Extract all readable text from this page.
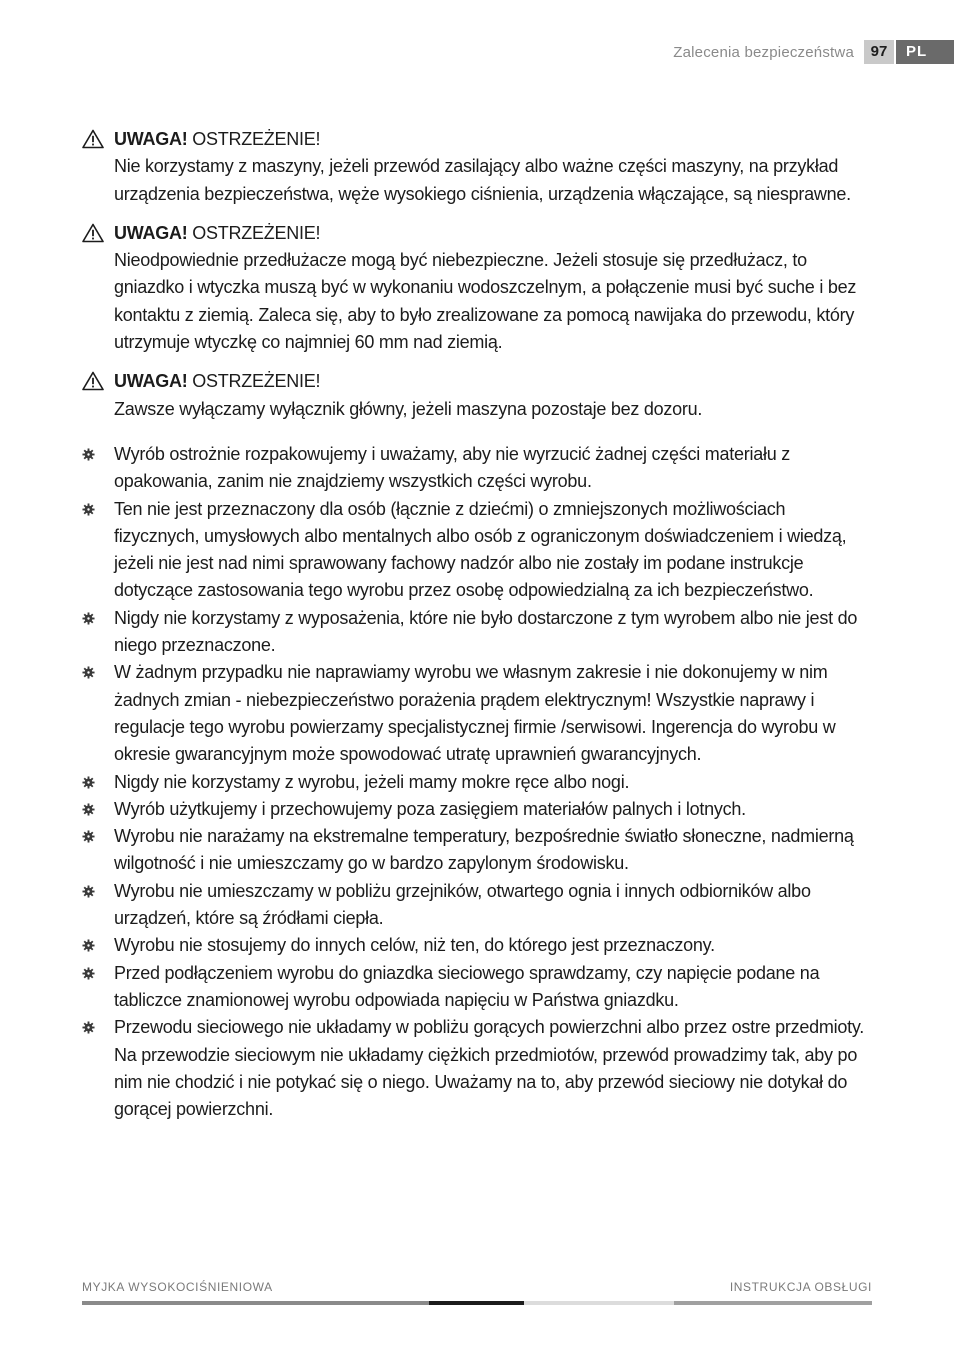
Zalecenia bezpieczeństwa	97	PL
UWAGA! OSTRZEŻENIE!
Nie korzystamy z maszyny, jeżeli przewód zasilający albo ważne części maszyny, na przykład urządzenia bezpieczeństwa, węże wysokiego ciśnienia, urządzenia włączające, są niesprawne.
UWAGA! OSTRZEŻENIE!
Nieodpowiednie przedłużacze mogą być niebezpieczne. Jeżeli stosuje się przedłużacz, to gniazdko i wtyczka muszą być w wykonaniu wodoszczelnym, a połączenie musi być suche i bez kontaktu z ziemią. Zaleca się, aby to było zrealizowane za pomocą nawijaka do przewodu, który utrzymuje wtyczkę co najmniej 60 mm nad ziemią.
UWAGA! OSTRZEŻENIE!
Zawsze wyłączamy wyłącznik główny, jeżeli maszyna pozostaje bez dozoru.
Wyrób ostrożnie rozpakowujemy i uważamy, aby nie wyrzucić żadnej części materiału z opakowania, zanim nie znajdziemy wszystkich części wyrobu.
Ten nie jest przeznaczony dla osób (łącznie z dziećmi) o zmniejszonych możliwościach fizycznych, umysłowych albo mentalnych albo osób z ograniczonym doświadczeniem i wiedzą, jeżeli nie jest nad nimi sprawowany fachowy nadzór albo nie zostały im podane instrukcje dotyczące zastosowania tego wyrobu przez osobę odpowiedzialną za ich bezpieczeństwo.
Nigdy nie korzystamy z wyposażenia, które nie było dostarczone z tym wyrobem albo nie jest do niego przeznaczone.
W żadnym przypadku nie naprawiamy wyrobu we własnym zakresie i nie dokonujemy w nim żadnych zmian - niebezpieczeństwo porażenia prądem elektrycznym! Wszystkie naprawy i regulacje tego wyrobu powierzamy specjalistycznej firmie /serwisowi. Ingerencja do wyrobu w okresie gwarancyjnym może spowodować utratę uprawnień gwarancyjnych.
Nigdy nie korzystamy z wyrobu, jeżeli mamy mokre ręce albo nogi.
Wyrób użytkujemy i przechowujemy poza zasięgiem materiałów palnych i lotnych.
Wyrobu nie narażamy na ekstremalne temperatury, bezpośrednie światło słoneczne, nadmierną wilgotność i nie umieszczamy go w bardzo zapylonym środowisku.
Wyrobu nie umieszczamy w pobliżu grzejników, otwartego ognia i innych odbiorników albo urządzeń, które są źródłami ciepła.
Wyrobu nie stosujemy do innych celów, niż ten, do którego jest przeznaczony.
Przed podłączeniem wyrobu do gniazdka sieciowego sprawdzamy, czy napięcie podane na tabliczce znamionowej wyrobu odpowiada napięciu w Państwa gniazdku.
Przewodu sieciowego nie układamy w pobliżu gorących powierzchni albo przez ostre przedmioty. Na przewodzie sieciowym nie układamy ciężkich przedmiotów, przewód prowadzimy tak, aby po nim nie chodzić i nie potykać się o niego. Uważamy na to, aby przewód sieciowy nie dotykał do gorącej powierzchni.
MYJKA WYSOKOCIŚNIENIOWA	INSTRUKCJA OBSŁUGI
